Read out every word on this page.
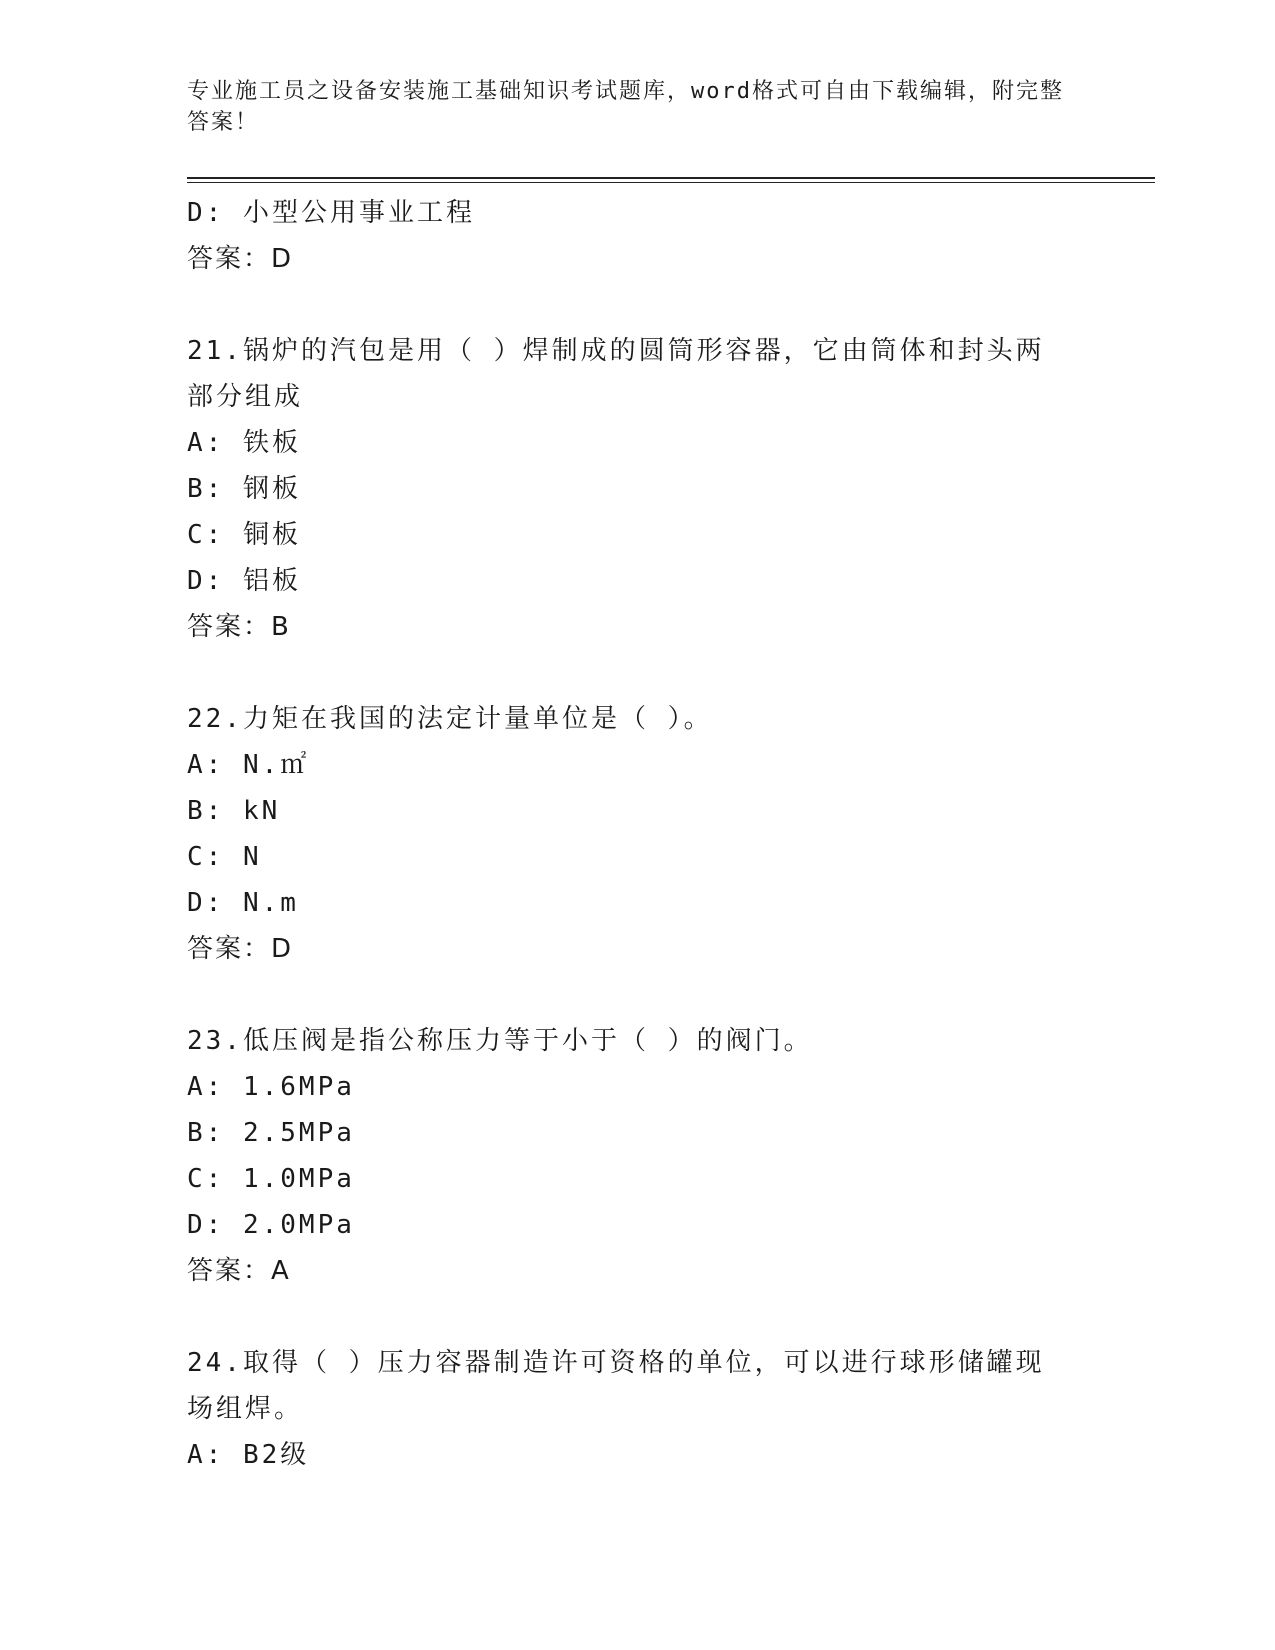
专业施工员之设备安装施工基础知识考试题库，word格式可自由下载编辑，附完整答案！
D: 小型公用事业工程
答案：D
21.锅炉的汽包是用（ ）焊制成的圆筒形容器，它由筒体和封头两部分组成
A: 铁板
B: 钢板
C: 铜板
D: 铝板
答案：B
22.力矩在我国的法定计量单位是（ ）。
A: N.㎡
B: kN
C: N
D: N.m
答案：D
23.低压阀是指公称压力等于小于（ ）的阀门。
A: 1.6MPa
B: 2.5MPa
C: 1.0MPa
D: 2.0MPa
答案：A
24.取得（ ）压力容器制造许可资格的单位，可以进行球形储罐现场组焊。
A: B2级
